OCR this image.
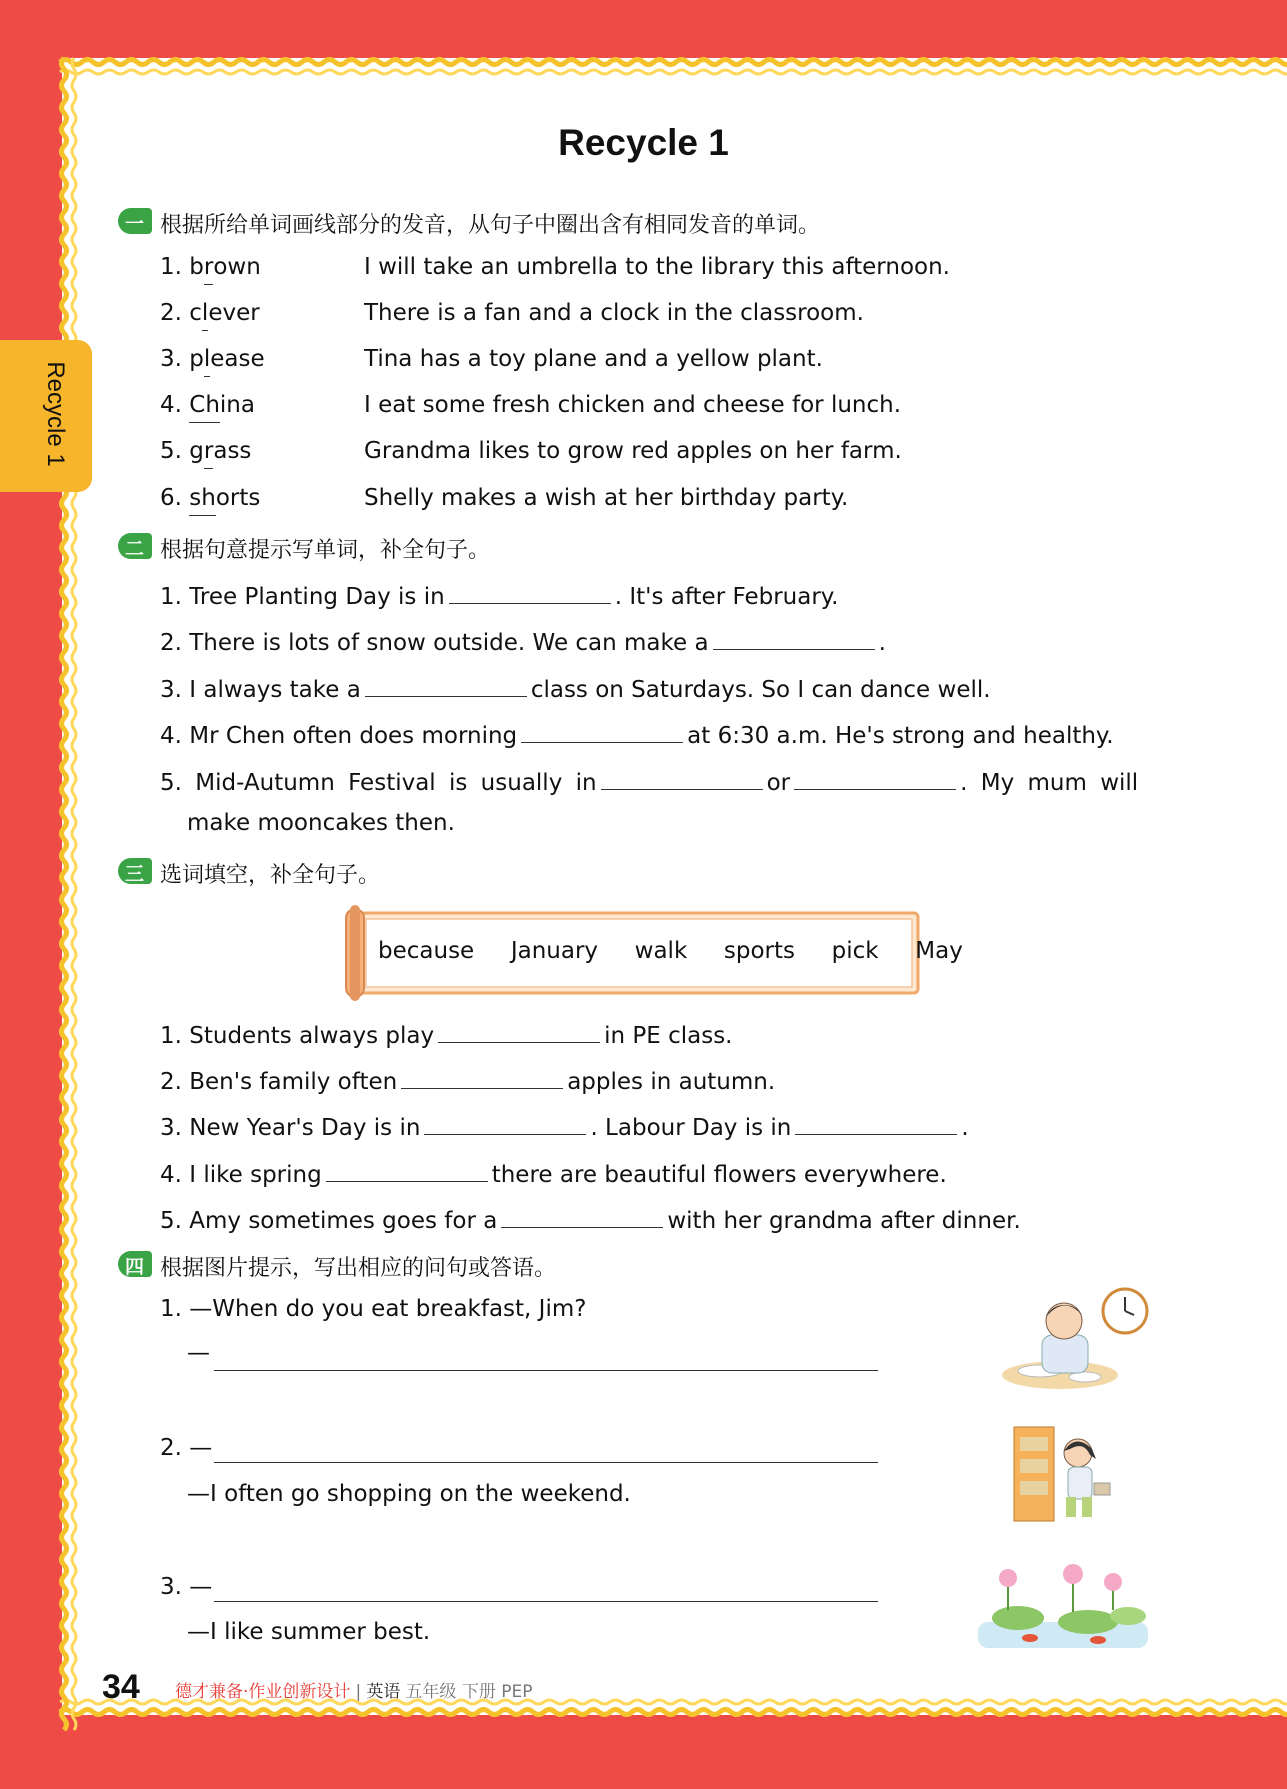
Recycle 1
Recycle 1
一 根据所给单词画线部分的发音，从句子中圈出含有相同发音的单词。
1. brown	I will take an umbrella to the library this afternoon.
2. clever	There is a fan and a clock in the classroom.
3. please	Tina has a toy plane and a yellow plant.
4. China	I eat some fresh chicken and cheese for lunch.
5. grass	Grandma likes to grow red apples on her farm.
6. shorts	Shelly makes a wish at her birthday party.
二 根据句意提示写单词，补全句子。
1. Tree Planting Day is in	. It's after February.
2. There is lots of snow outside. We can make a	.
3. I always take a	class on Saturdays. So I can dance well.
4. Mr Chen often does morning	at 6:30 a.m. He's strong and healthy.
5. Mid-Autumn Festival is usually in	or	. My mum will
make mooncakes then.
三 选词填空，补全句子。
because January walk sports pick May
1. Students always play	in PE class.
2. Ben's family often	apples in autumn.
3. New Year's Day is in	. Labour Day is in	.
4. I like spring	there are beautiful flowers everywhere.
5. Amy sometimes goes for a	with her grandma after dinner.
四 根据图片提示，写出相应的问句或答语。
1. —When do you eat breakfast, Jim?
—
2. —
—I often go shopping on the weekend.
3. —
—I like summer best.
34 德才兼备·作业创新设计 | 英语 五年级 下册 PEP
